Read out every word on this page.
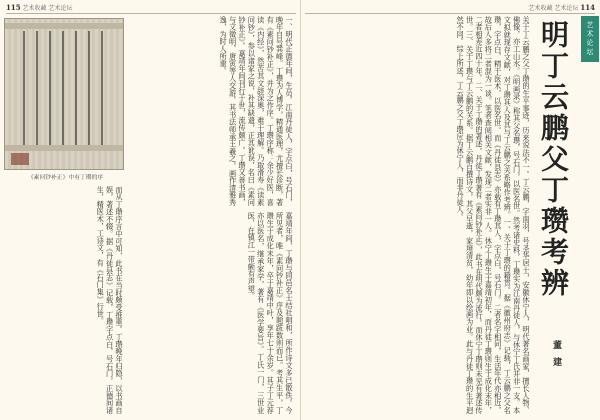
115 艺术收藏 艺术论坛
《素问钞补正》中有丁瓒的序	一、明代正德年间，生员。江南丹徒人，字点白，号石门，晚年自号巽峰。丁瓒为人博学，精通医理，尤擅长诊断，著有《素问钞补正》，并为之作序。丁瓒序称：余少好医，喜读《内经》，然苦其文辞深奥，难于理解。乃取滑寿《读素问钞》，参以诸家之说，补其缺遗，正其讹误，名曰《素问钞补正》。嘉靖年间刊行于世，流传颇广。丁瓒又善书画，与文徵明、唐寅等人交游，其书法师承王羲之，画作清雅秀逸，为时人所重。
而从丁瓒序言中可知，此书在当时颇受推重。丁瓒晚年归隐，以书画自娱，著述不辍。据《丹徒县志》记载，丁瓒字点白，号石门，正德间诸生，精医术，工诗文，有《石门集》行世。	嘉靖年间，丁瓒与同邑名士结社唱和，所作诗文多已散佚。今所见者，唯《素问钞补正》序及题跋数则而已。考其生平，丁瓒生于成化末年，卒于嘉靖中叶，享年七十余岁。其子丁元荐亦以医名，继承家学，著有《医学要旨》。丁氏一门，三世业医，在镇江一带颇有声望。
艺术收藏 艺术论坛 114
艺术论坛
明丁云鹏父丁瓒考辨
董建
关于丁云鹏之父丁瓒的生平事迹，历来说法不一。丁云鹏，字南羽，号圣华居士，安徽休宁人，明代著名画家，擅长人物、佛像，亦工山水。《明画录》称其父名瓒，号石门，以医名世。然考诸史料，丁瓒实为江南丹徒人，与休宁丁氏并非一支。本文拟就现存文献，对丁瓒其人及其与丁云鹏之关系略作考辨。一、关于丁瓒的籍贯。据《徽州府志》记载，丁云鹏之父名瓒，字点白，精于医术，以医名世。而《丹徒县志》亦载有丁瓒其人，字点白，号石门。二者名字相同，生活年代亦相近，故后人多将二者混为一谈。笔者查阅相关文献，发现二者实非一人。休宁丁瓒生于嘉靖初年，而丹徒丁瓒则生于成化末年，二者相差近四十年。二、关于丁瓒的著述。丹徒丁瓒著有《素问钞补正》，此书在明代颇为流行。而休宁丁瓒则未见有著述传世。三、关于丁瓒与丁云鹏的关系。据丁云鹏自撰诗文，其父早逝，家境清贫，幼年即以绘画为业。此与丹徒丁瓒的生平迥然不同。综上所述，丁云鹏之父丁瓒应为休宁人，而非丹徒人。
